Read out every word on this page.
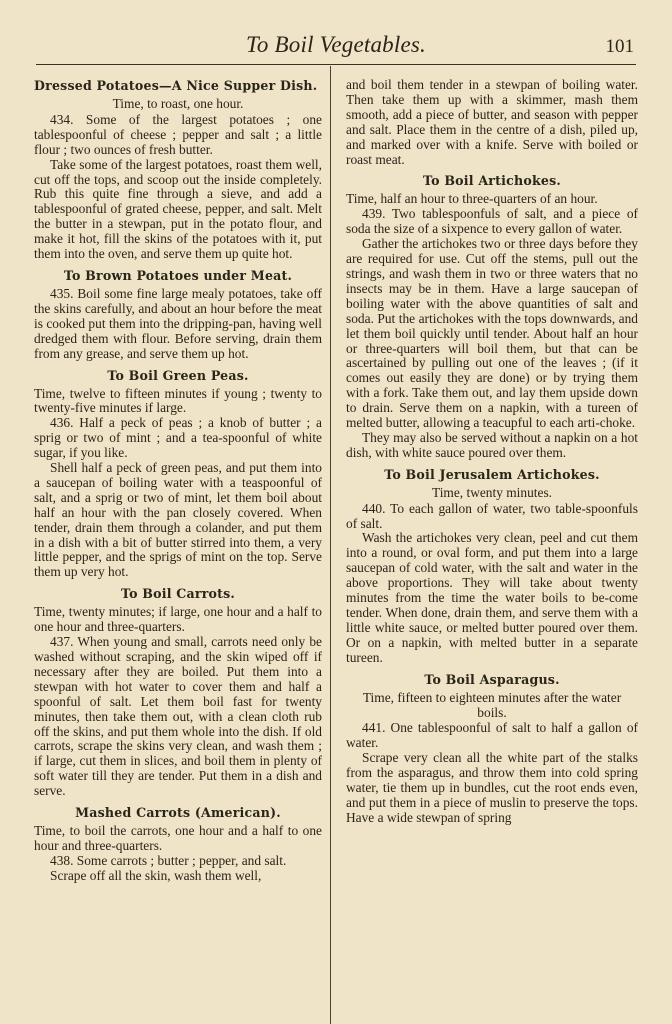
To Boil Vegetables.	101
Dressed Potatoes—A Nice Supper Dish.

Time, to roast, one hour.

434. Some of the largest potatoes ; one tablespoonful of cheese ; pepper and salt ; a little flour ; two ounces of fresh butter.

Take some of the largest potatoes, roast them well, cut off the tops, and scoop out the inside completely. Rub this quite fine through a sieve, and add a tablespoonful of grated cheese, pepper, and salt. Melt the butter in a stewpan, put in the potato flour, and make it hot, fill the skins of the potatoes with it, put them into the oven, and serve them up quite hot.

To Brown Potatoes under Meat.

435. Boil some fine large mealy potatoes, take off the skins carefully, and about an hour before the meat is cooked put them into the dripping-pan, having well dredged them with flour. Before serving, drain them from any grease, and serve them up hot.

To Boil Green Peas.

Time, twelve to fifteen minutes if young ; twenty to twenty-five minutes if large.

436. Half a peck of peas ; a knob of butter ; a sprig or two of mint ; and a tea-spoonful of white sugar, if you like.

Shell half a peck of green peas, and put them into a saucepan of boiling water with a teaspoonful of salt, and a sprig or two of mint, let them boil about half an hour with the pan closely covered. When tender, drain them through a colander, and put them in a dish with a bit of butter stirred into them, a very little pepper, and the sprigs of mint on the top. Serve them up very hot.

To Boil Carrots.

Time, twenty minutes; if large, one hour and a half to one hour and three-quarters.

437. When young and small, carrots need only be washed without scraping, and the skin wiped off if necessary after they are boiled. Put them into a stewpan with hot water to cover them and half a spoonful of salt. Let them boil fast for twenty minutes, then take them out, with a clean cloth rub off the skins, and put them whole into the dish. If old carrots, scrape the skins very clean, and wash them ; if large, cut them in slices, and boil them in plenty of soft water till they are tender. Put them in a dish and serve.

Mashed Carrots (American).

Time, to boil the carrots, one hour and a half to one hour and three-quarters.

438. Some carrots ; butter ; pepper, and salt.

Scrape off all the skin, wash them well,

and boil them tender in a stewpan of boiling water. Then take them up with a skimmer, mash them smooth, add a piece of butter, and season with pepper and salt. Place them in the centre of a dish, piled up, and marked over with a knife. Serve with boiled or roast meat.

To Boil Artichokes.

Time, half an hour to three-quarters of an hour.

439. Two tablespoonfuls of salt, and a piece of soda the size of a sixpence to every gallon of water.

Gather the artichokes two or three days before they are required for use. Cut off the stems, pull out the strings, and wash them in two or three waters that no insects may be in them. Have a large saucepan of boiling water with the above quantities of salt and soda. Put the artichokes with the tops downwards, and let them boil quickly until tender. About half an hour or three-quarters will boil them, but that can be ascertained by pulling out one of the leaves ; (if it comes out easily they are done) or by trying them with a fork. Take them out, and lay them upside down to drain. Serve them on a napkin, with a tureen of melted butter, allowing a teacupful to each arti-choke.

They may also be served without a napkin on a hot dish, with white sauce poured over them.

To Boil Jerusalem Artichokes.

Time, twenty minutes.

440. To each gallon of water, two table-spoonfuls of salt.

Wash the artichokes very clean, peel and cut them into a round, or oval form, and put them into a large saucepan of cold water, with the salt and water in the above proportions. They will take about twenty minutes from the time the water boils to be-come tender. When done, drain them, and serve them with a little white sauce, or melted butter poured over them. Or on a napkin, with melted butter in a separate tureen.

To Boil Asparagus.

Time, fifteen to eighteen minutes after the water boils.

441. One tablespoonful of salt to half a gallon of water.

Scrape very clean all the white part of the stalks from the asparagus, and throw them into cold spring water, tie them up in bundles, cut the root ends even, and put them in a piece of muslin to preserve the tops. Have a wide stewpan of spring
